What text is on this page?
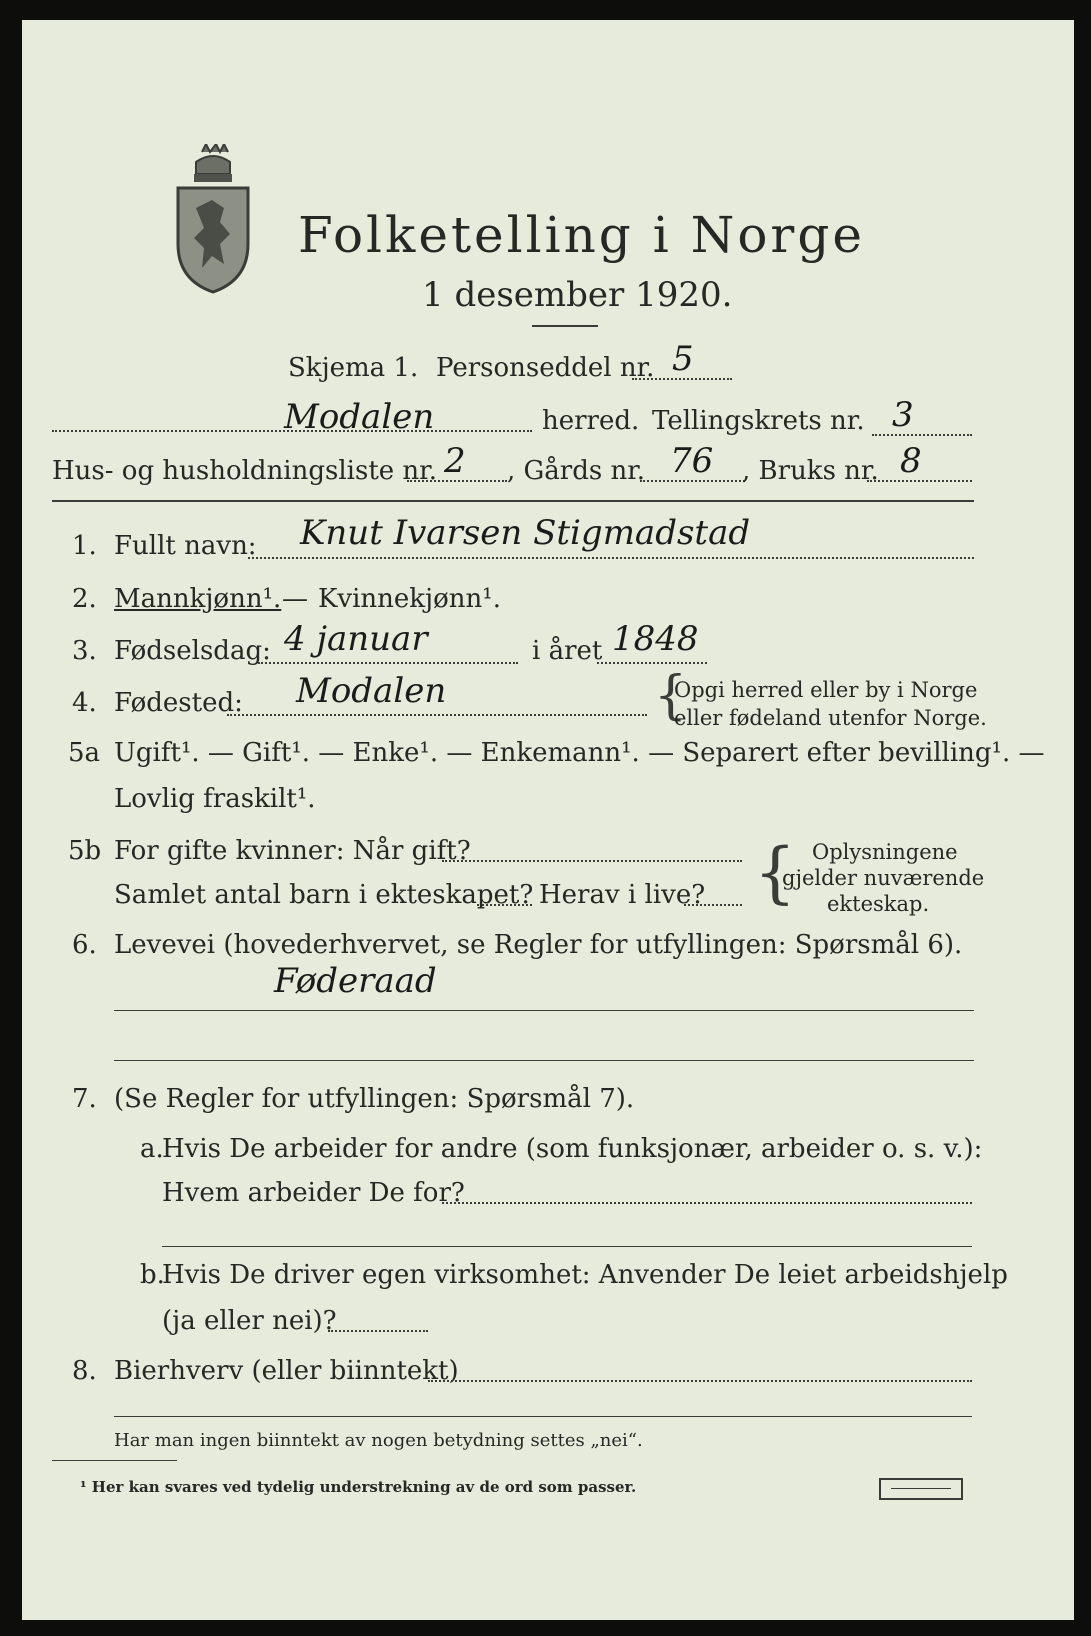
Folketelling i Norge
1 desember 1920.
Skjema 1. Personseddel nr. 5
Modalen	herred. Tellingskrets nr. 3
Hus- og husholdningsliste nr. 2 , Gårds nr. 76 , Bruks nr. 8
1. Fullt navn: Knut Ivarsen Stigmadstad
2. Mannkjønn¹. — Kvinnekjønn¹.
3. Fødselsdag: 4 januar	i året 1848
4. Fødested: Modalen	{
Opgi herred eller by i Norge
eller fødeland utenfor Norge.
5a Ugift¹. — Gift¹. — Enke¹. — Enkemann¹. — Separert efter bevilling¹. —
Lovlig fraskilt¹.
5b For gifte kvinner: Når gift?
Samlet antal barn i ekteskapet? Herav i live? { Oplysningene
gjelder nuværende
ekteskap.
6. Levevei (hovederhvervet, se Regler for utfyllingen: Spørsmål 6).
Føderaad
7. (Se Regler for utfyllingen: Spørsmål 7).
a.
Hvis De arbeider for andre (som funksjonær, arbeider o. s. v.):
Hvem arbeider De for?
b.
Hvis De driver egen virksomhet: Anvender De leiet arbeidshjelp
(ja eller nei)?
8. Bierhverv (eller biinntekt)
Har man ingen biinntekt av nogen betydning settes „nei“.
¹ Her kan svares ved tydelig understrekning av de ord som passer.
